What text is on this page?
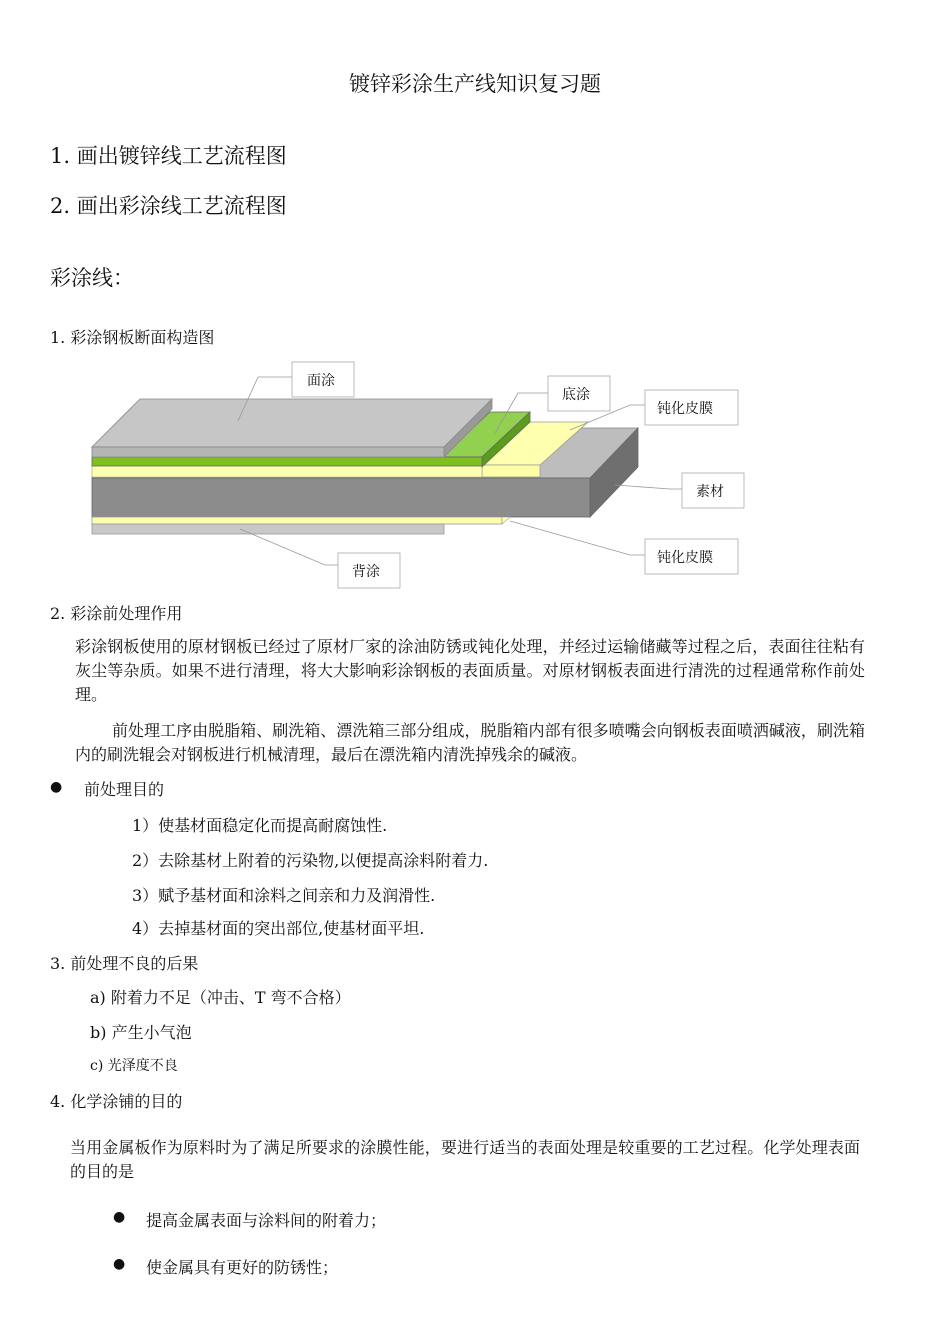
镀锌彩涂生产线知识复习题
1. 画出镀锌线工艺流程图
2. 画出彩涂线工艺流程图
彩涂线：
1. 彩涂钢板断面构造图
面涂
底涂
钝化皮膜
素材
钝化皮膜
背涂
2. 彩涂前处理作用
彩涂钢板使用的原材钢板已经过了原材厂家的涂油防锈或钝化处理，并经过运输储藏等过程之后，表面往往粘有灰尘等杂质。如果不进行清理，将大大影响彩涂钢板的表面质量。对原材钢板表面进行清洗的过程通常称作前处理。
前处理工序由脱脂箱、刷洗箱、漂洗箱三部分组成，脱脂箱内部有很多喷嘴会向钢板表面喷洒碱液，刷洗箱内的刷洗辊会对钢板进行机械清理，最后在漂洗箱内清洗掉残余的碱液。
● 前处理目的
1）使基材面稳定化而提高耐腐蚀性.
2）去除基材上附着的污染物,以便提高涂料附着力.
3）赋予基材面和涂料之间亲和力及润滑性.
4）去掉基材面的突出部位,使基材面平坦.
3. 前处理不良的后果
a) 附着力不足（冲击、T 弯不合格）
b) 产生小气泡
c) 光泽度不良
4. 化学涂铺的目的
当用金属板作为原料时为了满足所要求的涂膜性能，要进行适当的表面处理是较重要的工艺过程。化学处理表面的目的是
● 提高金属表面与涂料间的附着力；
● 使金属具有更好的防锈性；
